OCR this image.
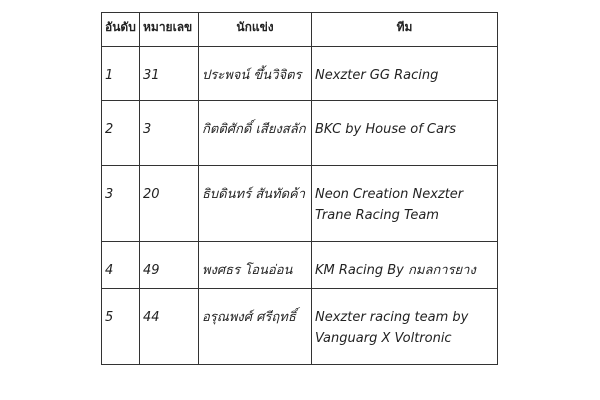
อันดับ	หมายเลข	นักแข่ง	ทีม
1	31	ประพจน์ ขึ้นวิจิตร	Nexzter GG Racing
2	3	กิตติศักดิ์ เสียงสลัก	BKC by House of Cars
3	20	ธิบดินทร์ สันทัดค้า	Neon Creation Nexzter Trane Racing Team
4	49	พงศธร โอนอ่อน	KM Racing By กมลการยาง
5	44	อรุณพงศ์ ศรีฤทธิ์	Nexzter racing team by Vanguarg X Voltronic
